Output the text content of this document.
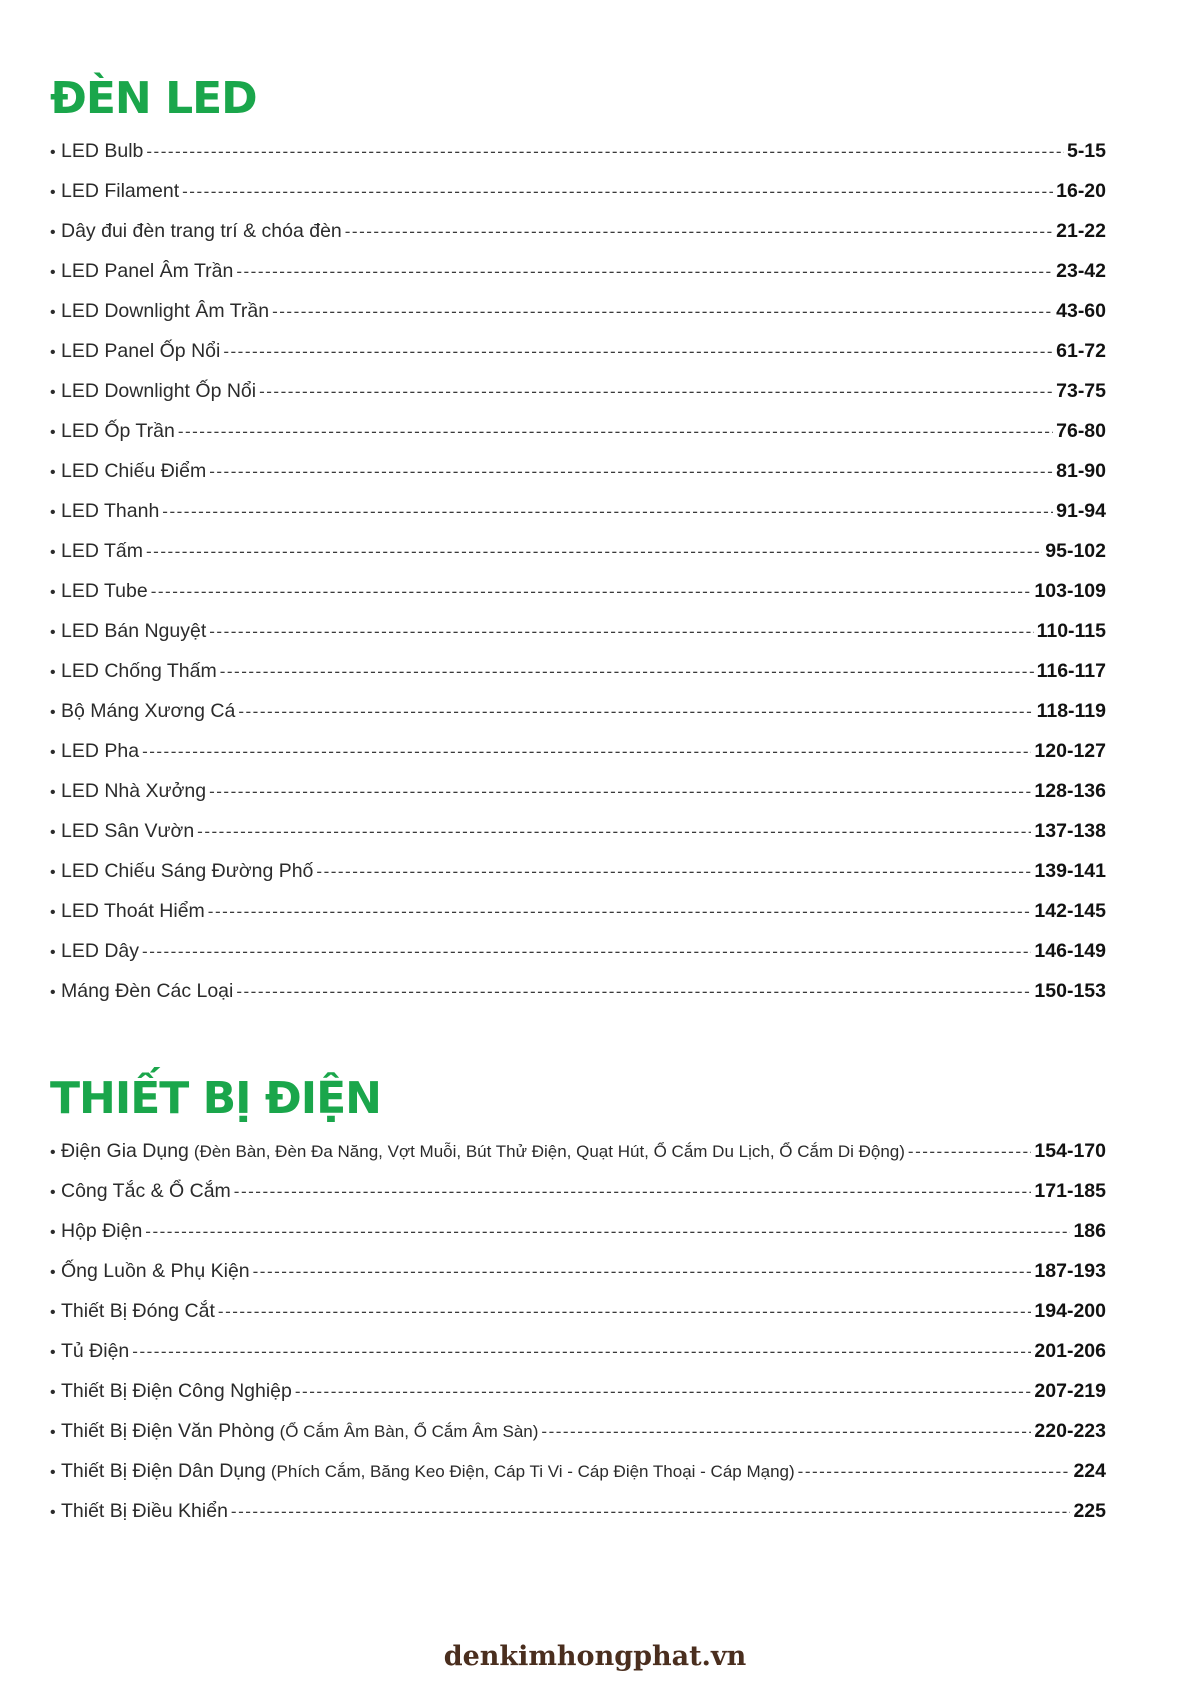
ĐÈN LED
• LED Bulb -----	5-15
• LED Filament -----	16-20
• Dây đui đèn trang trí & chóa đèn -----	21-22
• LED Panel Âm Trần -----	23-42
• LED Downlight Âm Trần -----	43-60
• LED Panel Ốp Nổi -----	61-72
• LED Downlight Ốp Nổi -----	73-75
• LED Ốp Trần -----	76-80
• LED Chiếu Điểm -----	81-90
• LED Thanh -----	91-94
• LED Tấm -----	95-102
• LED Tube -----	103-109
• LED Bán Nguyệt -----	110-115
• LED Chống Thấm -----	116-117
• Bộ Máng Xương Cá -----	118-119
• LED Pha -----	120-127
• LED Nhà Xưởng -----	128-136
• LED Sân Vườn -----	137-138
• LED Chiếu Sáng Đường Phố -----	139-141
• LED Thoát Hiểm -----	142-145
• LED Dây -----	146-149
• Máng Đèn Các Loại -----	150-153
THIẾT BỊ ĐIỆN
• Điện Gia Dụng (Đèn Bàn, Đèn Đa Năng, Vợt Muỗi, Bút Thử Điện, Quạt Hút, Ổ Cắm Du Lịch, Ổ Cắm Di Động) -----	154-170
• Công Tắc & Ổ Cắm -----	171-185
• Hộp Điện -----	186
• Ống Luồn & Phụ Kiện -----	187-193
• Thiết Bị Đóng Cắt -----	194-200
• Tủ Điện -----	201-206
• Thiết Bị Điện Công Nghiệp -----	207-219
• Thiết Bị Điện Văn Phòng (Ổ Cắm Âm Bàn, Ổ Cắm Âm Sàn) -----	220-223
• Thiết Bị Điện Dân Dụng (Phích Cắm, Băng Keo Điện, Cáp Ti Vi - Cáp Điện Thoại - Cáp Mạng) -----	224
• Thiết Bị Điều Khiển -----	225
denkimhongphat.vn
